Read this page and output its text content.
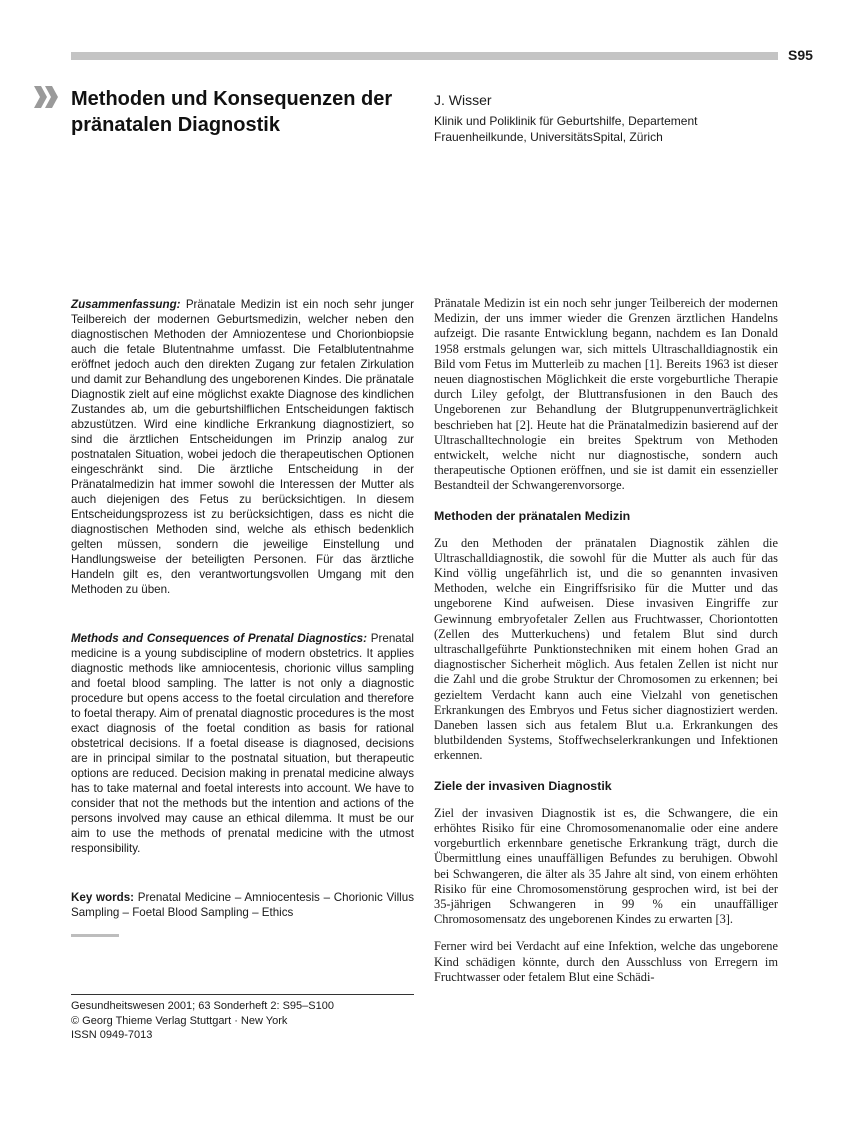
S95
Methoden und Konsequenzen der pränatalen Diagnostik
J. Wisser
Klinik und Poliklinik für Geburtshilfe, Departement Frauenheilkunde, UniversitätsSpital, Zürich

Zusammenfassung: Pränatale Medizin ist ein noch sehr junger Teilbereich der modernen Geburtsmedizin, welcher neben den diagnostischen Methoden der Amniozentese und Chorionbiopsie auch die fetale Blutentnahme umfasst. Die Fetalblutentnahme eröffnet jedoch auch den direkten Zugang zur fetalen Zirkulation und damit zur Behandlung des ungeborenen Kindes. Die pränatale Diagnostik zielt auf eine möglichst exakte Diagnose des kindlichen Zustandes ab, um die geburtshilflichen Entscheidungen faktisch abzustützen. Wird eine kindliche Erkrankung diagnostiziert, so sind die ärztlichen Entscheidungen im Prinzip analog zur postnatalen Situation, wobei jedoch die therapeutischen Optionen eingeschränkt sind. Die ärztliche Entscheidung in der Pränatalmedizin hat immer sowohl die Interessen der Mutter als auch diejenigen des Fetus zu berücksichtigen. In diesem Entscheidungsprozess ist zu berücksichtigen, dass es nicht die diagnostischen Methoden sind, welche als ethisch bedenklich gelten müssen, sondern die jeweilige Einstellung und Handlungsweise der beteiligten Personen. Für das ärztliche Handeln gilt es, den verantwortungsvollen Umgang mit den Methoden zu üben.

Methods and Consequences of Prenatal Diagnostics: Prenatal medicine is a young subdiscipline of modern obstetrics. It applies diagnostic methods like amniocentesis, chorionic villus sampling and foetal blood sampling. The latter is not only a diagnostic procedure but opens access to the foetal circulation and therefore to foetal therapy. Aim of prenatal diagnostic procedures is the most exact diagnosis of the foetal condition as basis for rational obstetrical decisions. If a foetal disease is diagnosed, decisions are in principal similar to the postnatal situation, but therapeutic options are reduced. Decision making in prenatal medicine always has to take maternal and foetal interests into account. We have to consider that not the methods but the intention and actions of the persons involved may cause an ethical dilemma. It must be our aim to use the methods of prenatal medicine with the utmost responsibility.

Key words: Prenatal Medicine – Amniocentesis – Chorionic Villus Sampling – Foetal Blood Sampling – Ethics

Gesundheitswesen 2001; 63 Sonderheft 2: S95–S100
© Georg Thieme Verlag Stuttgart · New York
ISSN 0949-7013

Pränatale Medizin ist ein noch sehr junger Teilbereich der modernen Medizin, der uns immer wieder die Grenzen ärztlichen Handelns aufzeigt. Die rasante Entwicklung begann, nachdem es Ian Donald 1958 erstmals gelungen war, sich mittels Ultraschalldiagnostik ein Bild vom Fetus im Mutterleib zu machen [1]. Bereits 1963 ist dieser neuen diagnostischen Möglichkeit die erste vorgeburtliche Therapie durch Liley gefolgt, der Bluttransfusionen in den Bauch des Ungeborenen zur Behandlung der Blutgruppenunverträglichkeit beschrieben hat [2]. Heute hat die Pränatalmedizin basierend auf der Ultraschalltechnologie ein breites Spektrum von Methoden entwickelt, welche nicht nur diagnostische, sondern auch therapeutische Optionen eröffnen, und sie ist damit ein essenzieller Bestandteil der Schwangerenvorsorge.

Methoden der pränatalen Medizin

Zu den Methoden der pränatalen Diagnostik zählen die Ultraschalldiagnostik, die sowohl für die Mutter als auch für das Kind völlig ungefährlich ist, und die so genannten invasiven Methoden, welche ein Eingriffsrisiko für die Mutter und das ungeborene Kind aufweisen. Diese invasiven Eingriffe zur Gewinnung embryofetaler Zellen aus Fruchtwasser, Choriontotten (Zellen des Mutterkuchens) und fetalem Blut sind durch ultraschallgeführte Punktionstechniken mit einem hohen Grad an diagnostischer Sicherheit möglich. Aus fetalen Zellen ist nicht nur die Zahl und die grobe Struktur der Chromosomen zu erkennen; bei gezieltem Verdacht kann auch eine Vielzahl von genetischen Erkrankungen des Embryos und Fetus sicher diagnostiziert werden. Daneben lassen sich aus fetalem Blut u.a. Erkrankungen des blutbildenden Systems, Stoffwechselerkrankungen und Infektionen erkennen.

Ziele der invasiven Diagnostik

Ziel der invasiven Diagnostik ist es, die Schwangere, die ein erhöhtes Risiko für eine Chromosomenanomalie oder eine andere vorgeburtlich erkennbare genetische Erkrankung trägt, durch die Übermittlung eines unauffälligen Befundes zu beruhigen. Obwohl bei Schwangeren, die älter als 35 Jahre alt sind, von einem erhöhten Risiko für eine Chromosomenstörung gesprochen wird, ist bei der 35-jährigen Schwangeren in 99 % ein unauffälliger Chromosomensatz des ungeborenen Kindes zu erwarten [3].

Ferner wird bei Verdacht auf eine Infektion, welche das ungeborene Kind schädigen könnte, durch den Ausschluss von Erregern im Fruchtwasser oder fetalem Blut eine Schädi-
